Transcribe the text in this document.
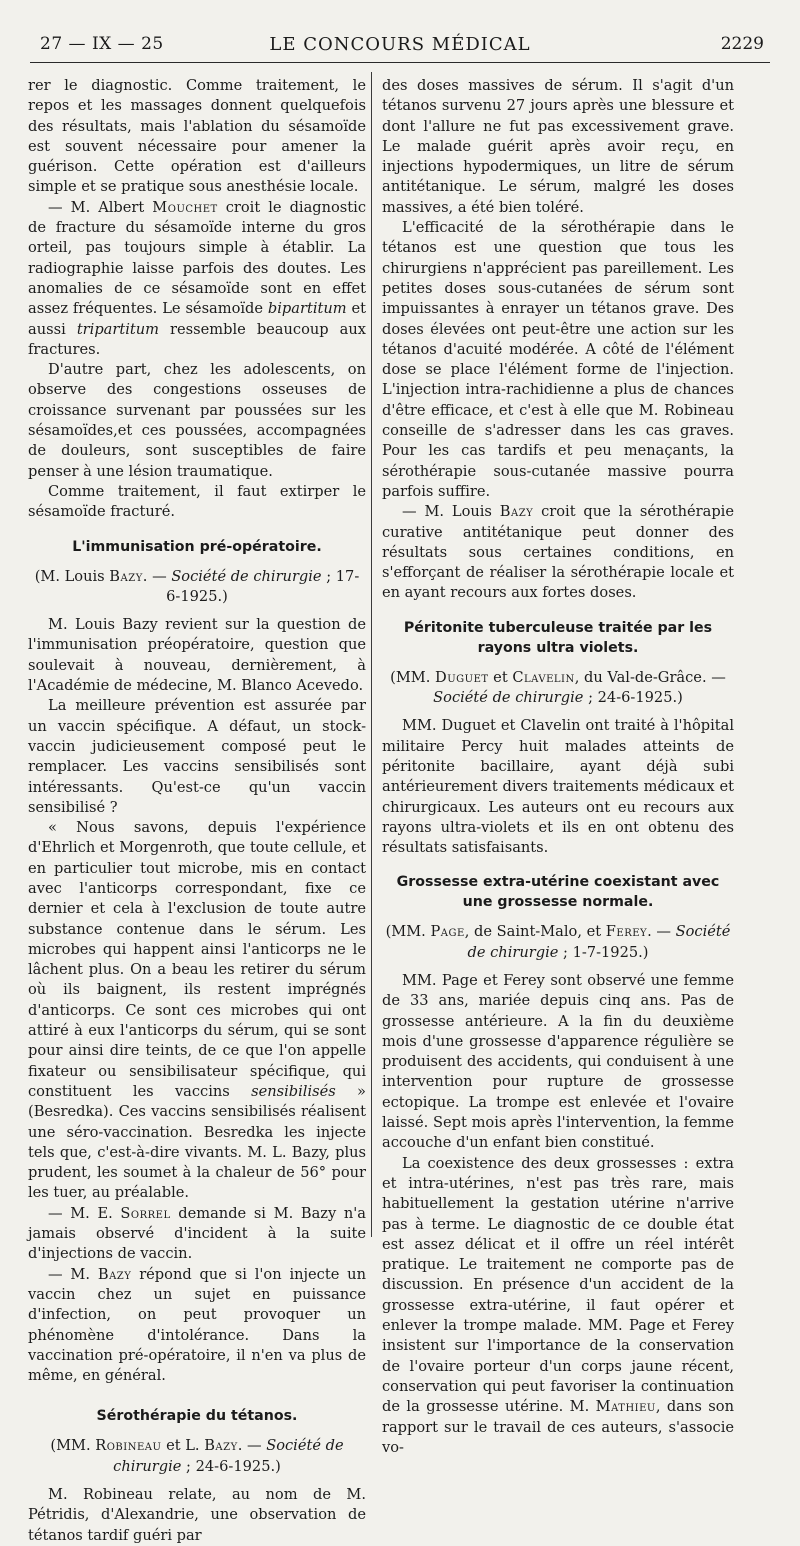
27 — IX — 25	LE CONCOURS MÉDICAL	2229

rer le diagnostic. Comme traitement, le repos et les massages donnent quelquefois des résultats, mais l'ablation du sésamoïde est souvent nécessaire pour amener la guérison. Cette opération est d'ailleurs simple et se pratique sous anesthésie locale.

— M. Albert Mouchet croit le diagnostic de fracture du sésamoïde interne du gros orteil, pas toujours simple à établir. La radiographie laisse parfois des doutes. Les anomalies de ce sésamoïde sont en effet assez fréquentes. Le sésamoïde bipartitum et aussi tripartitum ressemble beaucoup aux fractures.

D'autre part, chez les adolescents, on observe des congestions osseuses de croissance survenant par poussées sur les sésamoïdes,et ces poussées, accompagnées de douleurs, sont susceptibles de faire penser à une lésion traumatique.

Comme traitement, il faut extirper le sésamoïde fracturé.

L'immunisation pré-opératoire.

(M. Louis Bazy. — Société de chirurgie ; 17-6-1925.)

M. Louis Bazy revient sur la question de l'immunisation préopératoire, question que soulevait à nouveau, dernièrement, à l'Académie de médecine, M. Blanco Acevedo.

La meilleure prévention est assurée par un vaccin spécifique. A défaut, un stock-vaccin judicieusement composé peut le remplacer. Les vaccins sensibilisés sont intéressants. Qu'est-ce qu'un vaccin sensibilisé ?

« Nous savons, depuis l'expérience d'Ehrlich et Morgenroth, que toute cellule, et en particulier tout microbe, mis en contact avec l'anticorps correspondant, fixe ce dernier et cela à l'exclusion de toute autre substance contenue dans le sérum. Les microbes qui happent ainsi l'anticorps ne le lâchent plus. On a beau les retirer du sérum où ils baignent, ils restent imprégnés d'anticorps. Ce sont ces microbes qui ont attiré à eux l'anticorps du sérum, qui se sont pour ainsi dire teints, de ce que l'on appelle fixateur ou sensibilisateur spécifique, qui constituent les vaccins sensibilisés » (Besredka). Ces vaccins sensibilisés réalisent une séro-vaccination. Besredka les injecte tels que, c'est-à-dire vivants. M. L. Bazy, plus prudent, les soumet à la chaleur de 56° pour les tuer, au préalable.

— M. E. Sorrel demande si M. Bazy n'a jamais observé d'incident à la suite d'injections de vaccin.

— M. Bazy répond que si l'on injecte un vaccin chez un sujet en puissance d'infection, on peut provoquer un phénomène d'intolérance. Dans la vaccination pré-opératoire, il n'en va plus de même, en général.

Sérothérapie du tétanos.

(MM. Robineau et L. Bazy. — Société de chirurgie ; 24-6-1925.)

M. Robineau relate, au nom de M. Pétridis, d'Alexandrie, une observation de tétanos tardif guéri par

des doses massives de sérum. Il s'agit d'un tétanos survenu 27 jours après une blessure et dont l'allure ne fut pas excessivement grave. Le malade guérit après avoir reçu, en injections hypodermiques, un litre de sérum antitétanique. Le sérum, malgré les doses massives, a été bien toléré.

L'efficacité de la sérothérapie dans le tétanos est une question que tous les chirurgiens n'apprécient pas pareillement. Les petites doses sous-cutanées de sérum sont impuissantes à enrayer un tétanos grave. Des doses élevées ont peut-être une action sur les tétanos d'acuité modérée. A côté de l'élément dose se place l'élément forme de l'injection. L'injection intra-rachidienne a plus de chances d'être efficace, et c'est à elle que M. Robineau conseille de s'adresser dans les cas graves. Pour les cas tardifs et peu menaçants, la sérothérapie sous-cutanée massive pourra parfois suffire.

— M. Louis Bazy croit que la sérothérapie curative antitétanique peut donner des résultats sous certaines conditions, en s'efforçant de réaliser la sérothérapie locale et en ayant recours aux fortes doses.

Péritonite tuberculeuse traitée par les rayons ultra violets.

(MM. Duguet et Clavelin, du Val-de-Grâce. — Société de chirurgie ; 24-6-1925.)

MM. Duguet et Clavelin ont traité à l'hôpital militaire Percy huit malades atteints de péritonite bacillaire, ayant déjà subi antérieurement divers traitements médicaux et chirurgicaux. Les auteurs ont eu recours aux rayons ultra-violets et ils en ont obtenu des résultats satisfaisants.

Grossesse extra-utérine coexistant avec une grossesse normale.

(MM. Page, de Saint-Malo, et Ferey. — Société de chirurgie ; 1-7-1925.)

MM. Page et Ferey sont observé une femme de 33 ans, mariée depuis cinq ans. Pas de grossesse antérieure. A la fin du deuxième mois d'une grossesse d'apparence régulière se produisent des accidents, qui conduisent à une intervention pour rupture de grossesse ectopique. La trompe est enlevée et l'ovaire laissé. Sept mois après l'intervention, la femme accouche d'un enfant bien constitué.

La coexistence des deux grossesses : extra et intra-utérines, n'est pas très rare, mais habituellement la gestation utérine n'arrive pas à terme. Le diagnostic de ce double état est assez délicat et il offre un réel intérêt pratique. Le traitement ne comporte pas de discussion. En présence d'un accident de la grossesse extra-utérine, il faut opérer et enlever la trompe malade. MM. Page et Ferey insistent sur l'importance de la conservation de l'ovaire porteur d'un corps jaune récent, conservation qui peut favoriser la continuation de la grossesse utérine. M. Mathieu, dans son rapport sur le travail de ces auteurs, s'associe vo-
